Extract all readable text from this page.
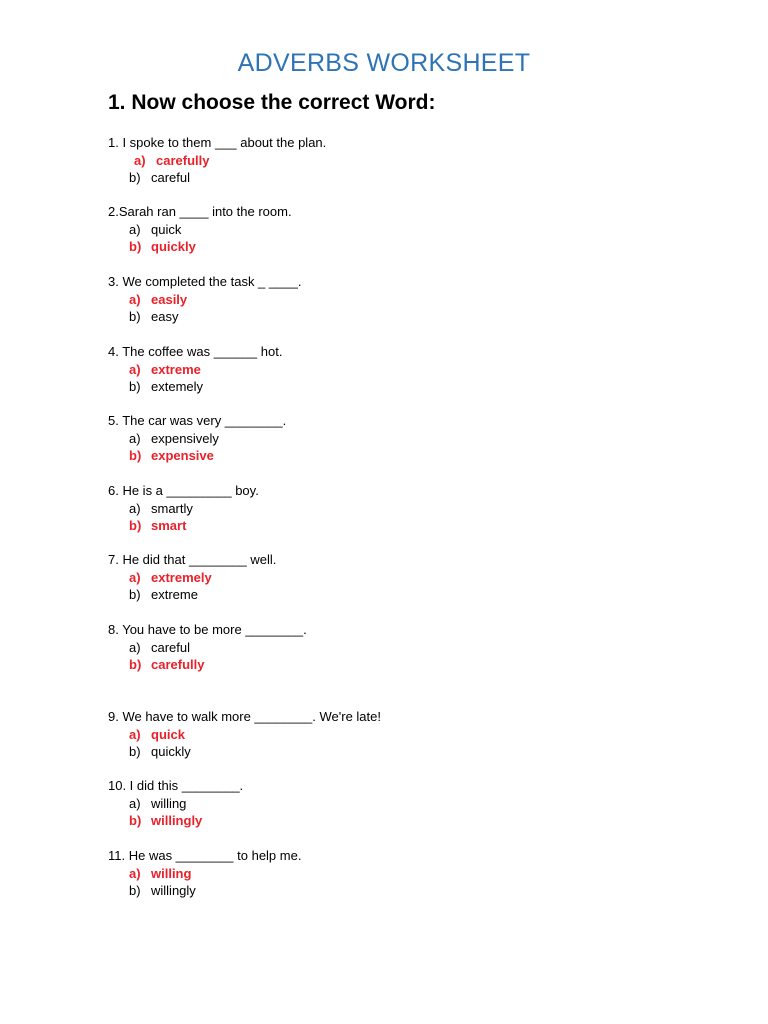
ADVERBS WORKSHEET
1. Now choose the correct Word:
1. I spoke to them ___ about the plan.
a) carefully
b) careful
2.Sarah ran ____ into the room.
a) quick
b) quickly
3. We completed the task _ ____.
a) easily
b) easy
4. The coffee was ______ hot.
a) extreme
b) extemely
5. The car was very ________.
a) expensively
b) expensive
6. He is a _________ boy.
a) smartly
b) smart
7. He did that ________ well.
a) extremely
b) extreme
8. You have to be more ________.
a) careful
b) carefully
9. We have to walk more ________. We're late!
a) quick
b) quickly
10. I did this ________.
a) willing
b) willingly
11. He was ________ to help me.
a) willing
b) willingly
